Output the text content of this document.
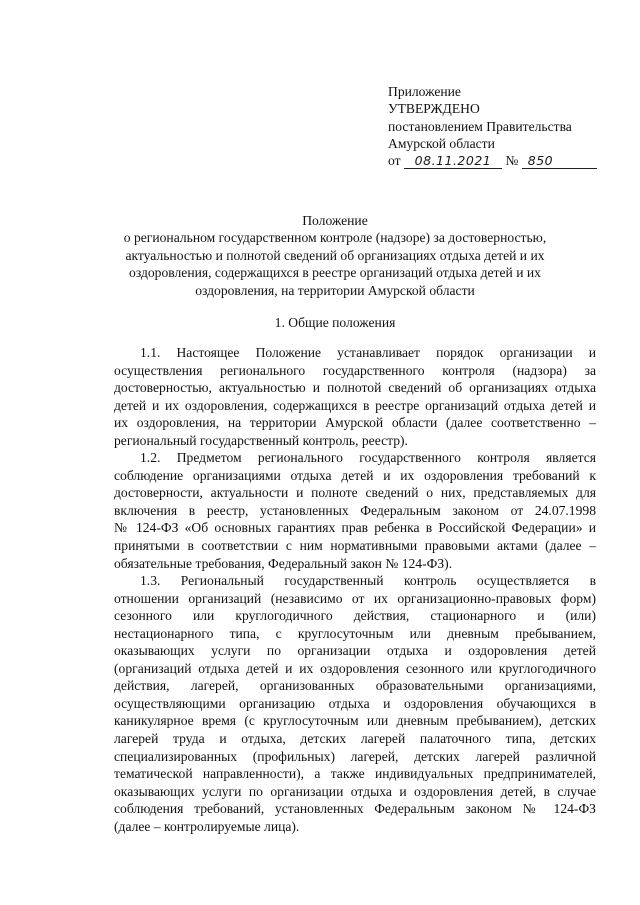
Приложение
УТВЕРЖДЕНО
постановлением Правительства
Амурской области
от 08.11.2021 № 850
Положение
о региональном государственном контроле (надзоре) за достоверностью,
актуальностью и полнотой сведений об организациях отдыха детей и их
оздоровления, содержащихся в реестре организаций отдыха детей и их
оздоровления, на территории Амурской области
1. Общие положения
1.1. Настоящее Положение устанавливает порядок организации и
осуществления регионального государственного контроля (надзора) за
достоверностью, актуальностью и полнотой сведений об организациях отдыха
детей и их оздоровления, содержащихся в реестре организаций отдыха детей и
их оздоровления, на территории Амурской области (далее соответственно –
региональный государственный контроль, реестр).
1.2. Предметом регионального государственного контроля является
соблюдение организациями отдыха детей и их оздоровления требований к
достоверности, актуальности и полноте сведений о них, представляемых для
включения в реестр, установленных Федеральным законом от 24.07.1998
№ 124-ФЗ «Об основных гарантиях прав ребенка в Российской Федерации» и
принятыми в соответствии с ним нормативными правовыми актами (далее –
обязательные требования, Федеральный закон № 124-ФЗ).
1.3. Региональный государственный контроль осуществляется в
отношении организаций (независимо от их организационно-правовых форм)
сезонного или круглогодичного действия, стационарного и (или)
нестационарного типа, с круглосуточным или дневным пребыванием,
оказывающих услуги по организации отдыха и оздоровления детей
(организаций отдыха детей и их оздоровления сезонного или круглогодичного
действия, лагерей, организованных образовательными организациями,
осуществляющими организацию отдыха и оздоровления обучающихся в
каникулярное время (с круглосуточным или дневным пребыванием), детских
лагерей труда и отдыха, детских лагерей палаточного типа, детских
специализированных (профильных) лагерей, детских лагерей различной
тематической направленности), а также индивидуальных предпринимателей,
оказывающих услуги по организации отдыха и оздоровления детей, в случае
соблюдения требований, установленных Федеральным законом № 124-ФЗ
(далее – контролируемые лица).
